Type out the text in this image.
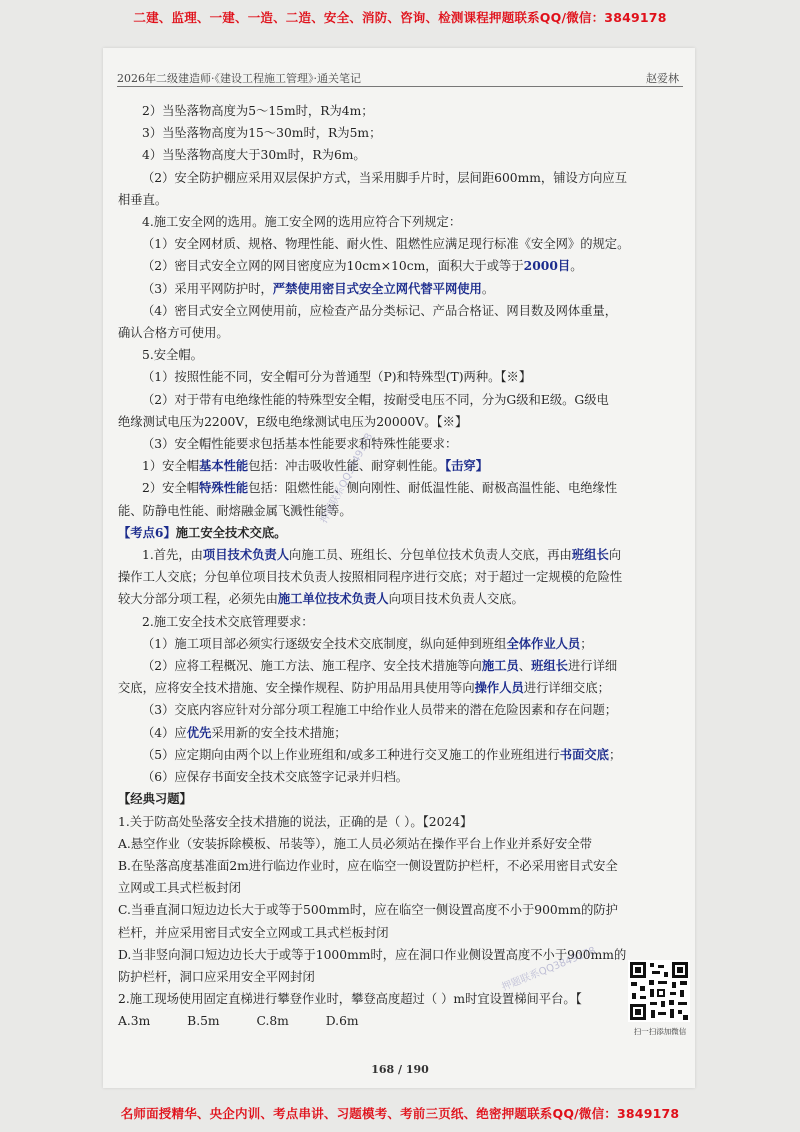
二建、监理、一建、一造、二造、安全、消防、咨询、检测课程押题联系QQ/微信：3849178
2026年二级建造师·《建设工程施工管理》·通关笔记	赵爱林

2）当坠落物高度为5～15m时，R为4m；

3）当坠落物高度为15～30m时，R为5m；

4）当坠落物高度大于30m时，R为6m。

（2）安全防护棚应采用双层保护方式，当采用脚手片时，层间距600mm，铺设方向应互

相垂直。

4.施工安全网的选用。施工安全网的选用应符合下列规定：

（1）安全网材质、规格、物理性能、耐火性、阻燃性应满足现行标准《安全网》的规定。

（2）密目式安全立网的网目密度应为10cm×10cm，面积大于或等于2000目。

（3）采用平网防护时，严禁使用密目式安全立网代替平网使用。

（4）密目式安全立网使用前，应检查产品分类标记、产品合格证、网目数及网体重量，

确认合格方可使用。

5.安全帽。

（1）按照性能不同，安全帽可分为普通型（P)和特殊型(T)两种。【※】

（2）对于带有电绝缘性能的特殊型安全帽，按耐受电压不同，分为G级和E级。G级电

绝缘测试电压为2200V，E级电绝缘测试电压为20000V。【※】

（3）安全帽性能要求包括基本性能要求和特殊性能要求：

1）安全帽基本性能包括：冲击吸收性能、耐穿刺性能。【击穿】

2）安全帽特殊性能包括：阻燃性能、侧向刚性、耐低温性能、耐极高温性能、电绝缘性

能、防静电性能、耐熔融金属飞溅性能等。

【考点6】施工安全技术交底。

1.首先，由项目技术负责人向施工员、班组长、分包单位技术负责人交底，再由班组长向

操作工人交底；分包单位项目技术负责人按照相同程序进行交底；对于超过一定规模的危险性

较大分部分项工程，必须先由施工单位技术负责人向项目技术负责人交底。

2.施工安全技术交底管理要求：

（1）施工项目部必须实行逐级安全技术交底制度，纵向延伸到班组全体作业人员；

（2）应将工程概况、施工方法、施工程序、安全技术措施等向施工员、班组长进行详细

交底，应将安全技术措施、安全操作规程、防护用品用具使用等向操作人员进行详细交底；

（3）交底内容应针对分部分项工程施工中给作业人员带来的潜在危险因素和存在问题；

（4）应优先采用新的安全技术措施；

（5）应定期向由两个以上作业班组和/或多工种进行交叉施工的作业班组进行书面交底；

（6）应保存书面安全技术交底签字记录并归档。

【经典习题】

1.关于防高处坠落安全技术措施的说法，正确的是（ ）。【2024】

A.悬空作业（安装拆除模板、吊装等），施工人员必须站在操作平台上作业并系好安全带

B.在坠落高度基准面2m进行临边作业时，应在临空一侧设置防护栏杆，不必采用密目式安全

立网或工具式栏板封闭

C.当垂直洞口短边边长大于或等于500mm时，应在临空一侧设置高度不小于900mm的防护

栏杆，并应采用密目式安全立网或工具式栏板封闭

D.当非竖向洞口短边边长大于或等于1000mm时，应在洞口作业侧设置高度不小于900mm的

防护栏杆，洞口应采用安全平网封闭

2.施工现场使用固定直梯进行攀登作业时，攀登高度超过（ ）m时宜设置梯间平台。【

A.3m　　　B.5m　　　C.8m　　　D.6m

扫一扫添加微信
押题联系QQ3849178
押题联系QQ3849178
168 / 190
名师面授精华、央企内训、考点串讲、习题模考、考前三页纸、绝密押题联系QQ/微信：3849178
